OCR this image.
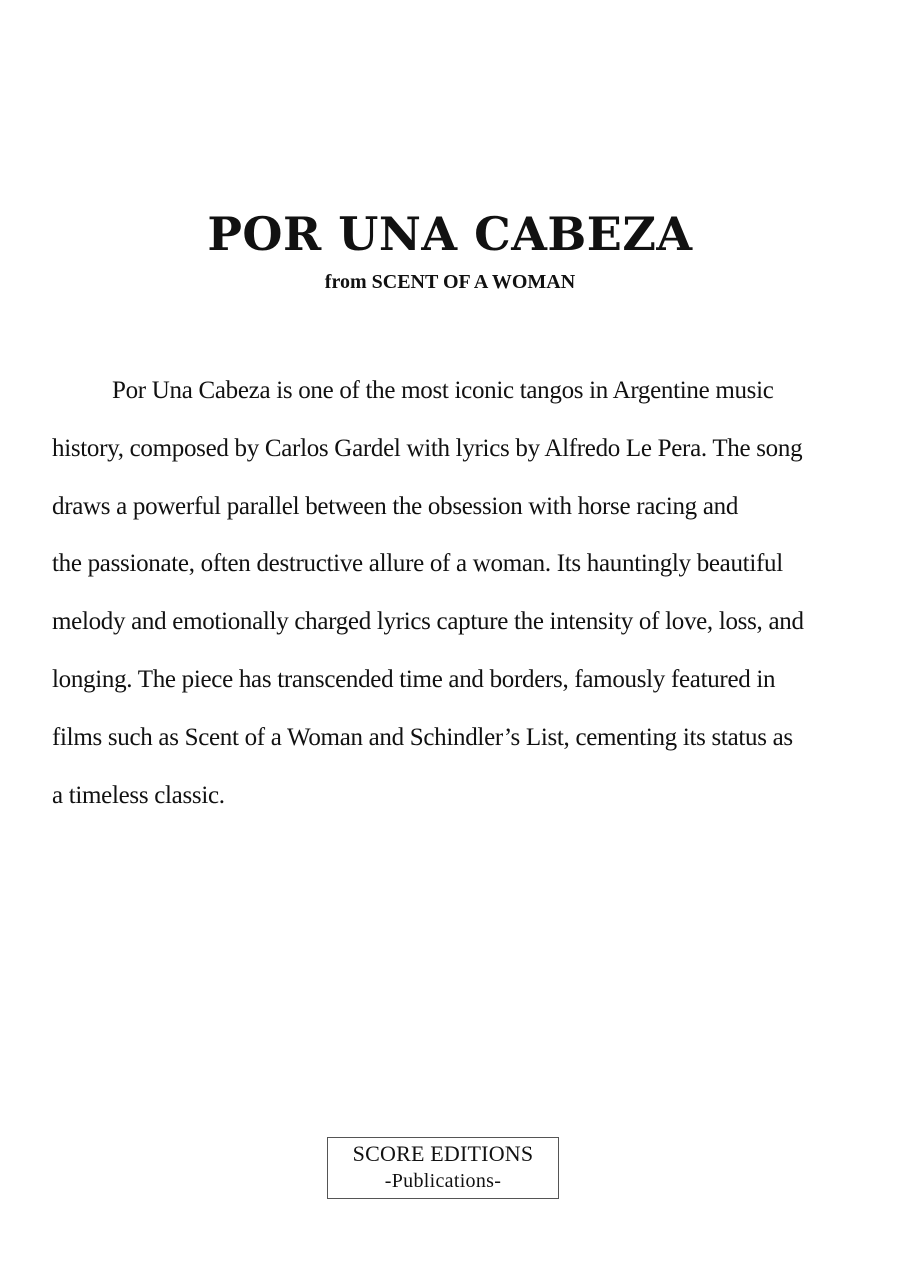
POR UNA CABEZA
from SCENT OF A WOMAN
Por Una Cabeza is one of the most iconic tangos in Argentine music
history, composed by Carlos Gardel with lyrics by Alfredo Le Pera. The song
draws a powerful parallel between the obsession with horse racing and
the passionate, often destructive allure of a woman. Its hauntingly beautiful
melody and emotionally charged lyrics capture the intensity of love, loss, and
longing. The piece has transcended time and borders, famously featured in
films such as Scent of a Woman and Schindler’s List, cementing its status as
a timeless classic.
SCORE EDITIONS
-Publications-
